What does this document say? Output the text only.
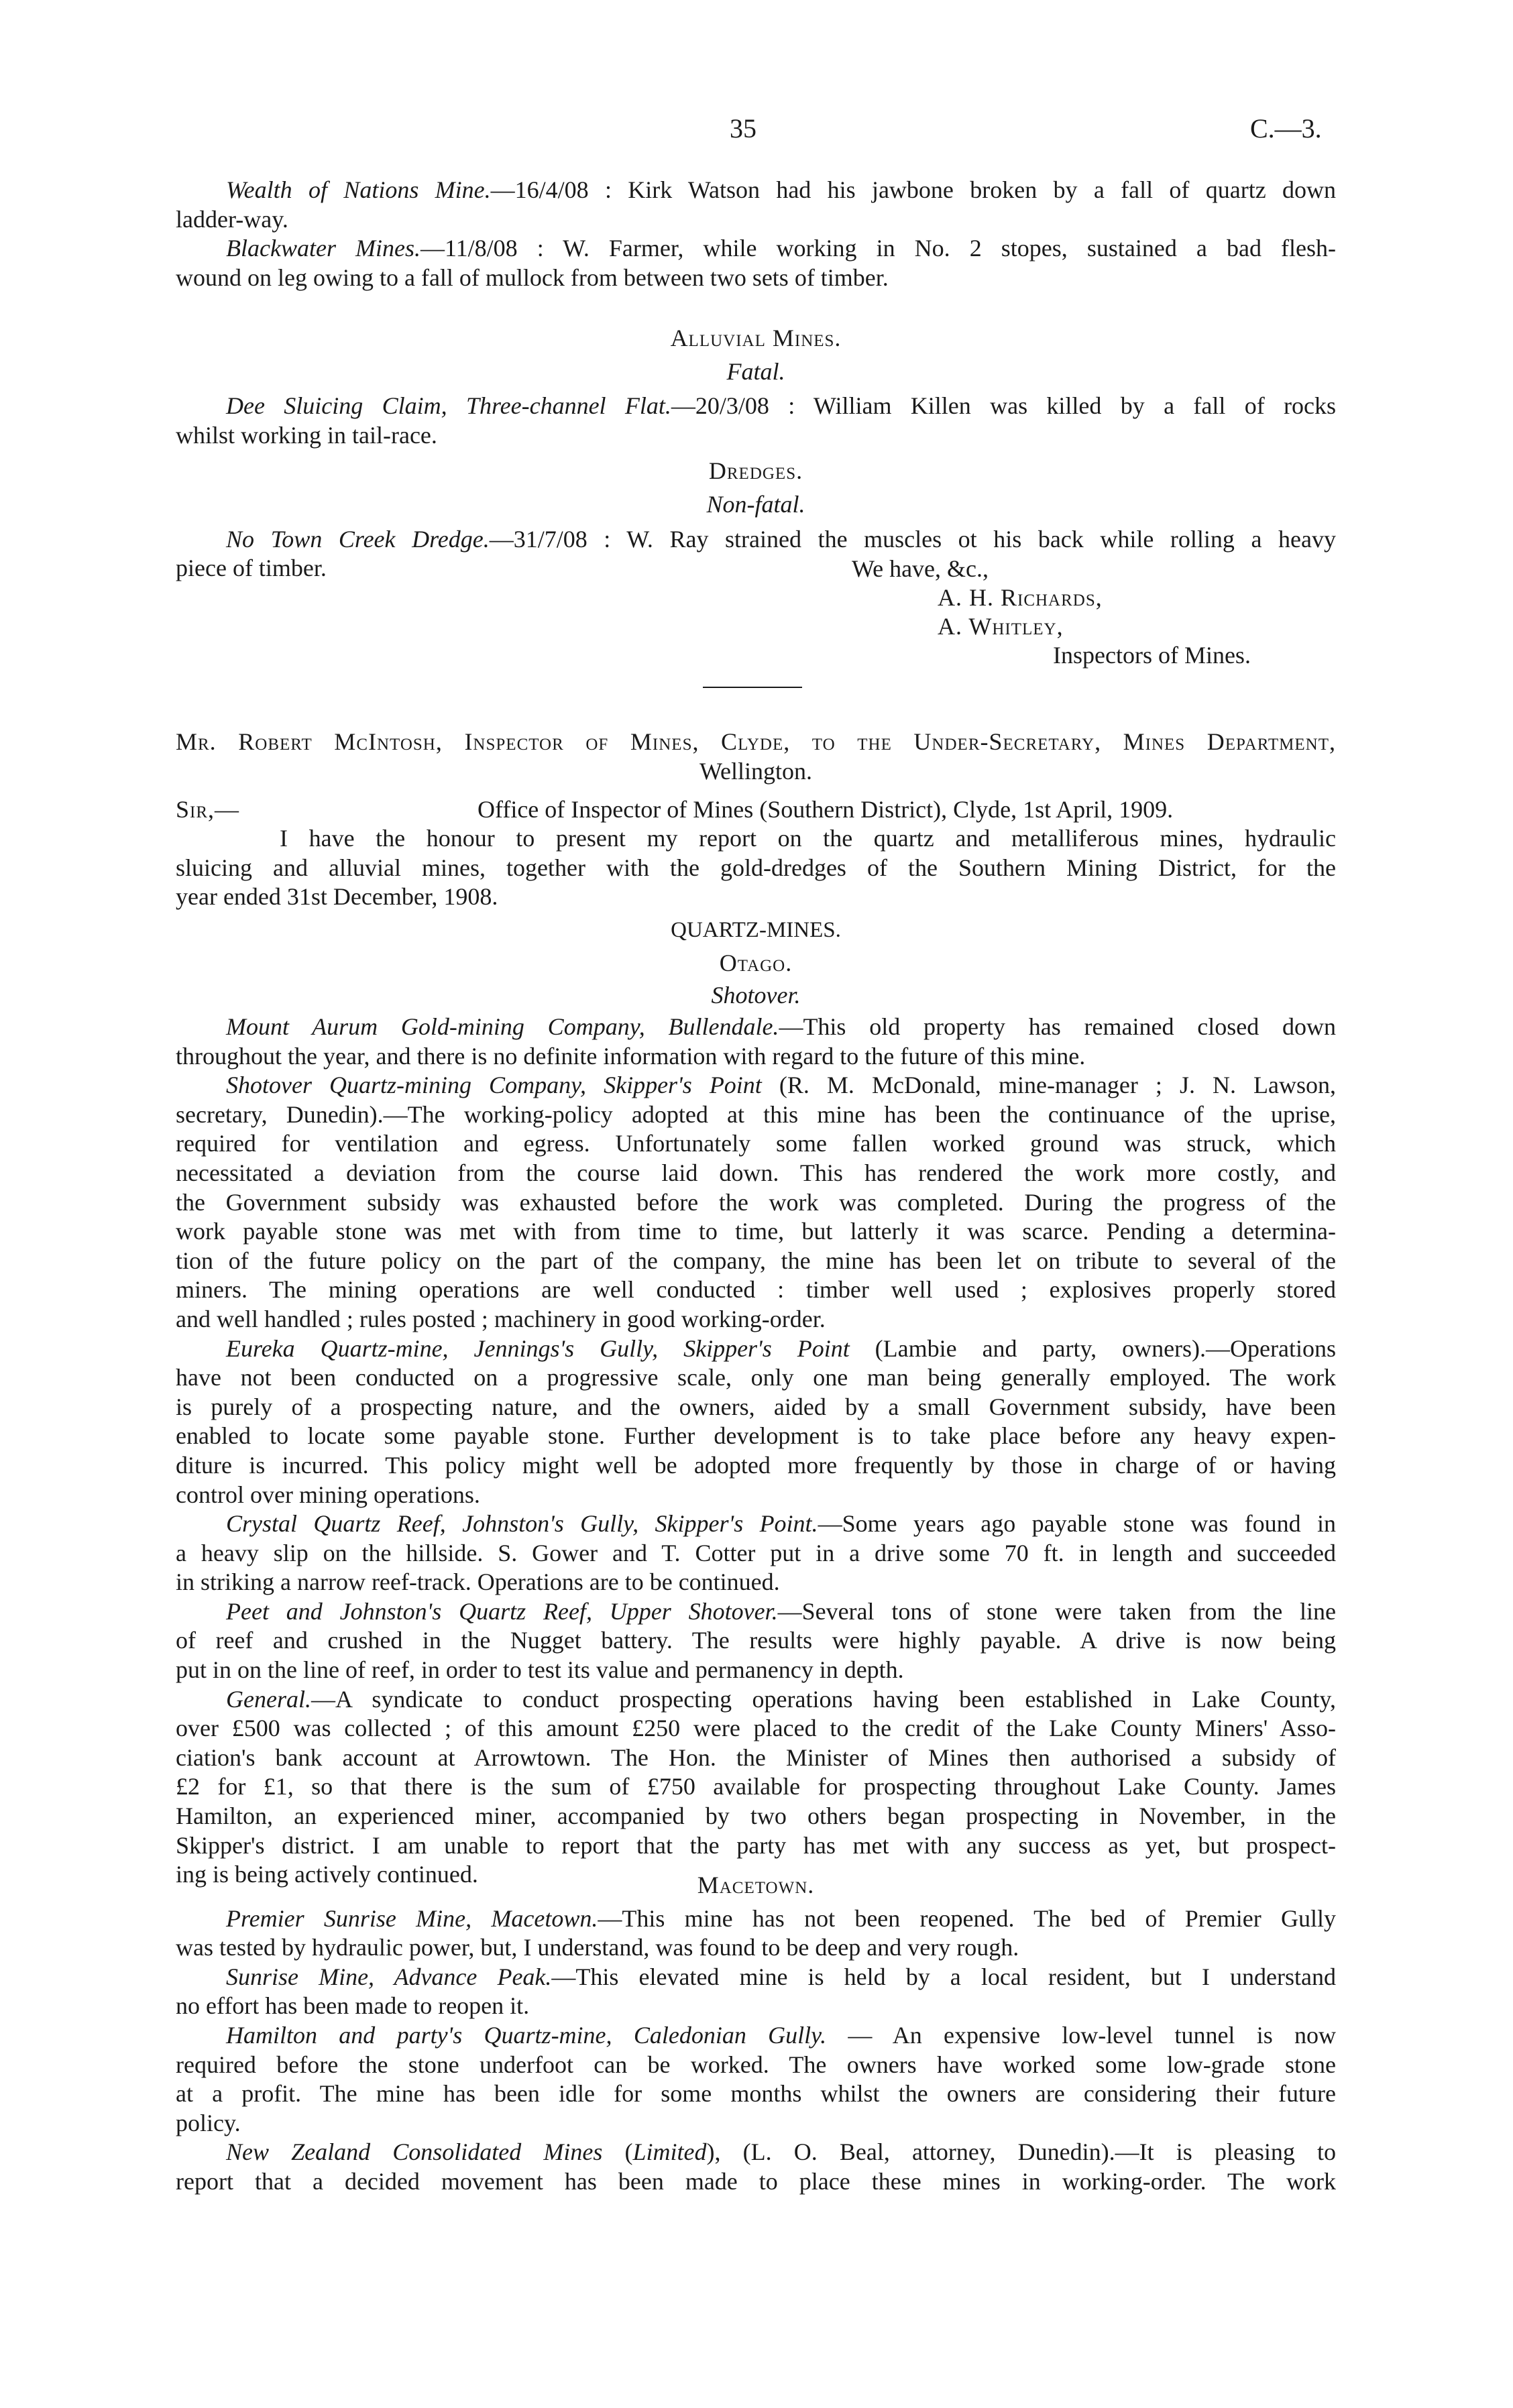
35	C.—3.

Wealth of Nations Mine.—16/4/08 : Kirk Watson had his jawbone broken by a fall of quartz down
ladder-way.

Blackwater Mines.—11/8/08 : W. Farmer, while working in No. 2 stopes, sustained a bad flesh-
wound on leg owing to a fall of mullock from between two sets of timber.

Alluvial Mines.

Fatal.

Dee Sluicing Claim, Three-channel Flat.—20/3/08 : William Killen was killed by a fall of rocks
whilst working in tail-race.

Dredges.

Non-fatal.

No Town Creek Dredge.—31/7/08 : W. Ray strained the muscles ot his back while rolling a heavy
piece of timber.	We have, &c.,
A. H. Richards,
A. Whitley,
Inspectors of Mines.

Mr. Robert McIntosh, Inspector of Mines, Clyde, to the Under-Secretary, Mines Department,

Wellington.

Sir,—	Office of Inspector of Mines (Southern District), Clyde, 1st April, 1909.

I have the honour to present my report on the quartz and metalliferous mines, hydraulic
sluicing and alluvial mines, together with the gold-dredges of the Southern Mining District, for the
year ended 31st December, 1908.

QUARTZ-MINES.

Otago.

Shotover.

Mount Aurum Gold-mining Company, Bullendale.—This old property has remained closed down
throughout the year, and there is no definite information with regard to the future of this mine.

Shotover Quartz-mining Company, Skipper's Point (R. M. McDonald, mine-manager ; J. N. Lawson,
secretary, Dunedin).—The working-policy adopted at this mine has been the continuance of the uprise,
required for ventilation and egress. Unfortunately some fallen worked ground was struck, which
necessitated a deviation from the course laid down. This has rendered the work more costly, and
the Government subsidy was exhausted before the work was completed. During the progress of the
work payable stone was met with from time to time, but latterly it was scarce. Pending a determina-
tion of the future policy on the part of the company, the mine has been let on tribute to several of the
miners. The mining operations are well conducted : timber well used ; explosives properly stored
and well handled ; rules posted ; machinery in good working-order.

Eureka Quartz-mine, Jennings's Gully, Skipper's Point (Lambie and party, owners).—Operations
have not been conducted on a progressive scale, only one man being generally employed. The work
is purely of a prospecting nature, and the owners, aided by a small Government subsidy, have been
enabled to locate some payable stone. Further development is to take place before any heavy expen-
diture is incurred. This policy might well be adopted more frequently by those in charge of or having
control over mining operations.

Crystal Quartz Reef, Johnston's Gully, Skipper's Point.—Some years ago payable stone was found in
a heavy slip on the hillside. S. Gower and T. Cotter put in a drive some 70 ft. in length and succeeded
in striking a narrow reef-track. Operations are to be continued.

Peet and Johnston's Quartz Reef, Upper Shotover.—Several tons of stone were taken from the line
of reef and crushed in the Nugget battery. The results were highly payable. A drive is now being
put in on the line of reef, in order to test its value and permanency in depth.

General.—A syndicate to conduct prospecting operations having been established in Lake County,
over £500 was collected ; of this amount £250 were placed to the credit of the Lake County Miners' Asso-
ciation's bank account at Arrowtown. The Hon. the Minister of Mines then authorised a subsidy of
£2 for £1, so that there is the sum of £750 available for prospecting throughout Lake County. James
Hamilton, an experienced miner, accompanied by two others began prospecting in November, in the
Skipper's district. I am unable to report that the party has met with any success as yet, but prospect-
ing is being actively continued.	Macetown.

Premier Sunrise Mine, Macetown.—This mine has not been reopened. The bed of Premier Gully
was tested by hydraulic power, but, I understand, was found to be deep and very rough.

Sunrise Mine, Advance Peak.—This elevated mine is held by a local resident, but I understand
no effort has been made to reopen it.

Hamilton and party's Quartz-mine, Caledonian Gully. — An expensive low-level tunnel is now
required before the stone underfoot can be worked. The owners have worked some low-grade stone
at a profit. The mine has been idle for some months whilst the owners are considering their future
policy.

New Zealand Consolidated Mines (Limited), (L. O. Beal, attorney, Dunedin).—It is pleasing to
report that a decided movement has been made to place these mines in working-order. The work
